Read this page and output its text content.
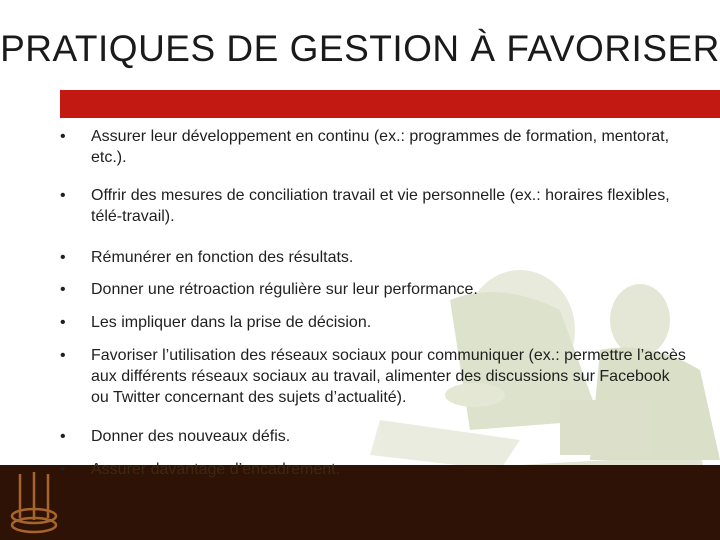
PRATIQUES DE GESTION À FAVORISER
Les C
•	Assurer leur développement en continu (ex.: programmes de formation, mentorat, etc.).
•	Offrir des mesures de conciliation travail et vie personnelle (ex.: horaires flexibles, télé-travail).
•	Rémunérer en fonction des résultats.
•	Donner une rétroaction régulière sur leur performance.
•	Les impliquer dans la prise de décision.
•	Favoriser l’utilisation des réseaux sociaux pour communiquer (ex.: permettre l’accès aux différents réseaux sociaux au travail, alimenter des discussions sur Facebook ou Twitter concernant des sujets d’actualité).
•	Donner des nouveaux défis.
•	Assurer davantage d’encadrement.
